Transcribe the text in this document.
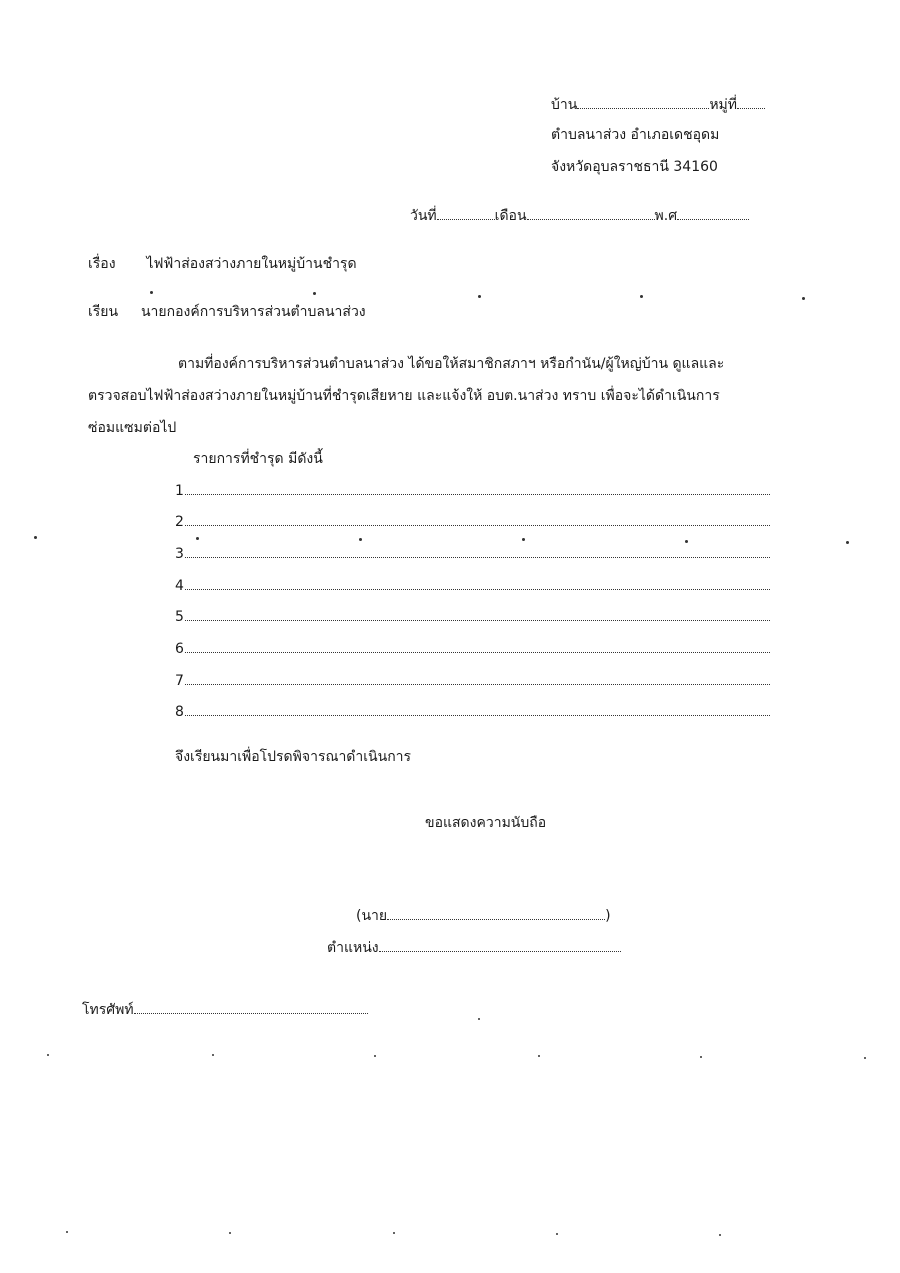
บ้าน	หมู่ที่
ตำบลนาส่วง อำเภอเดชอุดม
จังหวัดอุบลราชธานี 34160
วันที่	เดือน	พ.ศ
เรื่อง ไฟฟ้าส่องสว่างภายในหมู่บ้านชำรุด
เรียน นายกองค์การบริหารส่วนตำบลนาส่วง
ตามที่องค์การบริหารส่วนตำบลนาส่วง ได้ขอให้สมาชิกสภาฯ หรือกำนัน/ผู้ใหญ่บ้าน ดูแลและ
ตรวจสอบไฟฟ้าส่องสว่างภายในหมู่บ้านที่ชำรุดเสียหาย และแจ้งให้ อบต.นาส่วง ทราบ เพื่อจะได้ดำเนินการ
ซ่อมแซมต่อไป
รายการที่ชำรุด มีดังนี้
1
2
3
4
5
6
7
8
จึงเรียนมาเพื่อโปรดพิจารณาดำเนินการ
ขอแสดงความนับถือ
(นาย	)
ตำแหน่ง
โทรศัพท์
